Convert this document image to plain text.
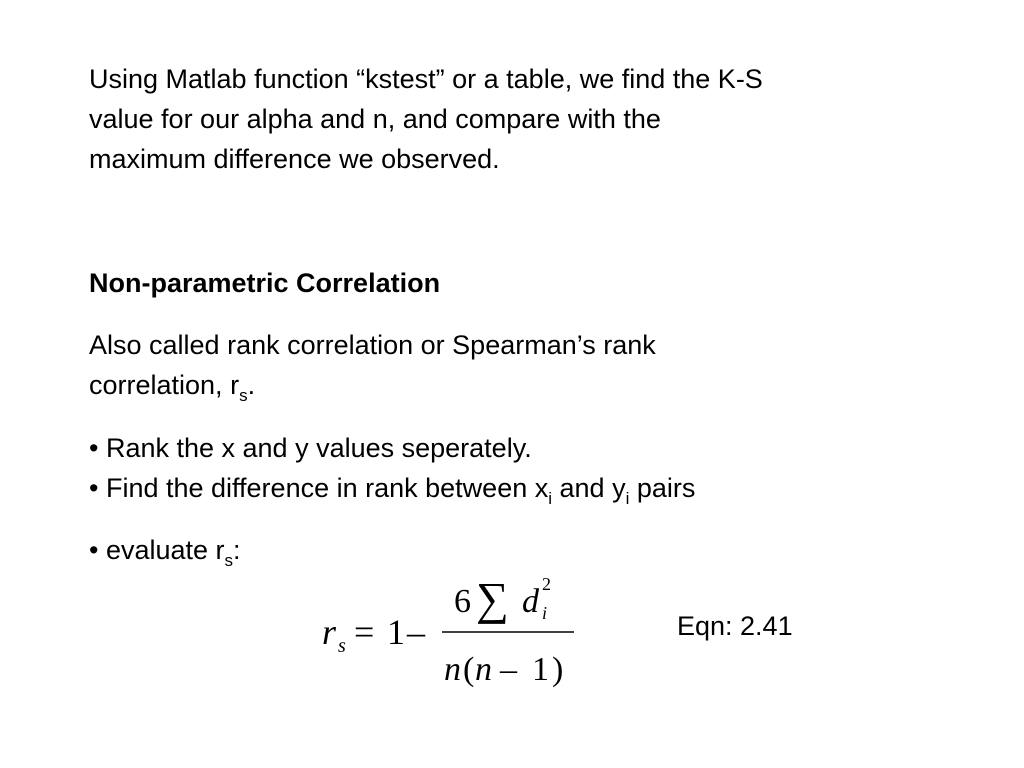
Using Matlab function “kstest” or a table, we find the K-S

value for our alpha and n, and compare with the

maximum difference we observed.

Non-parametric Correlation

Also called rank correlation or Spearman’s rank

correlation, $r_s$.

• Rank the x and y values seperately.

• Find the difference in rank between $x_i$ and $y_i$ pairs

• evaluate $r_s$:

r s = 1 –
6 ∑ d i
2
n ( n – 1 )
Eqn: 2.41
